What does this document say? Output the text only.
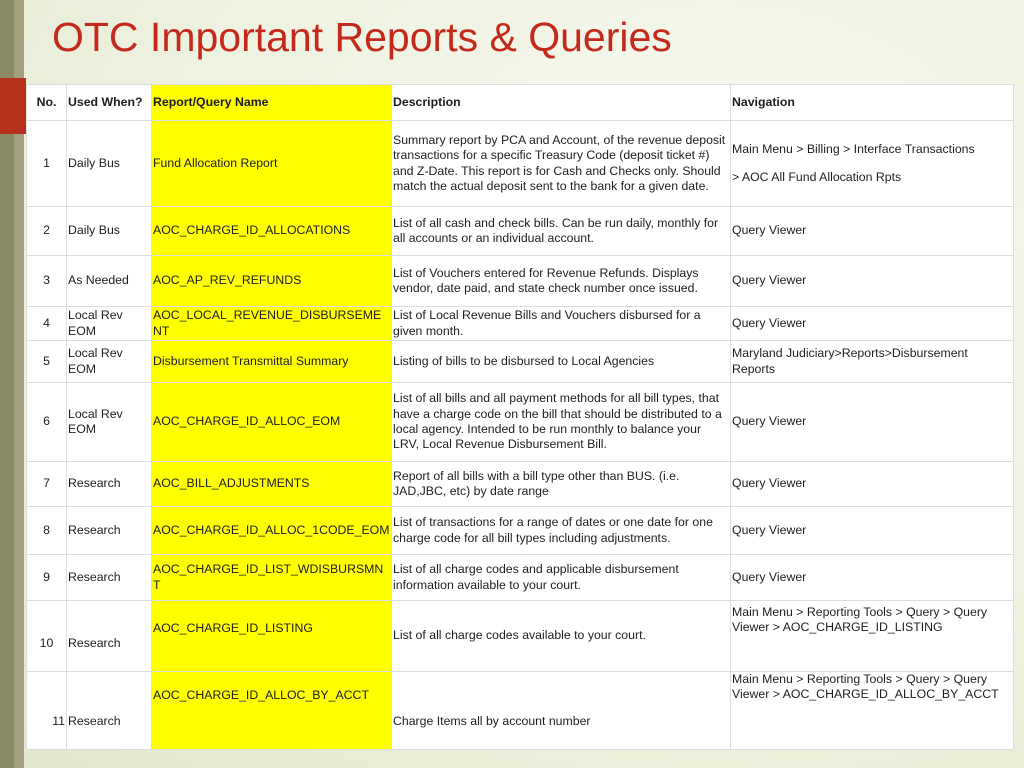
OTC Important Reports & Queries
No.	Used When?	Report/Query Name	Description	Navigation
1	Daily Bus	Fund Allocation Report	Summary report by PCA and Account, of the revenue deposit transactions for a specific Treasury Code (deposit ticket #) and Z-Date. This report is for Cash and Checks only. Should match the actual deposit sent to the bank for a given date.	Main Menu > Billing > Interface Transactions
> AOC All Fund Allocation Rpts

2	Daily Bus	AOC_CHARGE_ID_ALLOCATIONS	List of all cash and check bills. Can be run daily, monthly for all accounts or an individual account.	Query Viewer
3	As Needed	AOC_AP_REV_REFUNDS	List of Vouchers entered for Revenue Refunds. Displays vendor, date paid, and state check number once issued.	Query Viewer
4	Local Rev EOM	AOC_LOCAL_REVENUE_DISBURSEMENT	List of Local Revenue Bills and Vouchers disbursed for a given month.	Query Viewer
5	Local Rev EOM	Disbursement Transmittal Summary	Listing of bills to be disbursed to Local Agencies	Maryland Judiciary>Reports>Disbursement Reports
6	Local Rev EOM	AOC_CHARGE_ID_ALLOC_EOM	List of all bills and all payment methods for all bill types, that have a charge code on the bill that should be distributed to a local agency. Intended to be run monthly to balance your LRV, Local Revenue Disbursement Bill.	Query Viewer
7	Research	AOC_BILL_ADJUSTMENTS	Report of all bills with a bill type other than BUS. (i.e. JAD,JBC, etc) by date range	Query Viewer
8	Research	AOC_CHARGE_ID_ALLOC_1CODE_EOM	List of transactions for a range of dates or one date for one charge code for all bill types including adjustments.	Query Viewer
9	Research	AOC_CHARGE_ID_LIST_WDISBURSMNT	List of all charge codes and applicable disbursement information available to your court.	Query Viewer
10	Research	AOC_CHARGE_ID_LISTING	List of all charge codes available to your court.	Main Menu > Reporting Tools > Query > Query Viewer > AOC_CHARGE_ID_LISTING
11	Research	AOC_CHARGE_ID_ALLOC_BY_ACCT	Charge Items all by account number	Main Menu > Reporting Tools > Query > Query Viewer > AOC_CHARGE_ID_ALLOC_BY_ACCT
